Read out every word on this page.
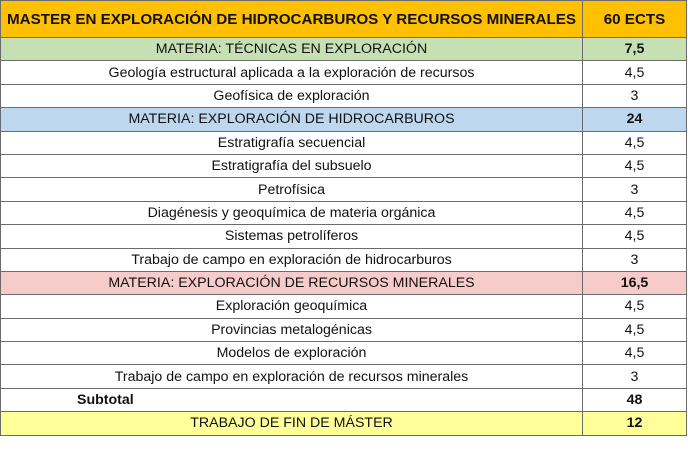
MASTER EN EXPLORACIÓN DE HIDROCARBUROS Y RECURSOS MINERALES	60 ECTS
MATERIA: TÉCNICAS EN EXPLORACIÓN	7,5
Geología estructural aplicada a la exploración de recursos	4,5
Geofísica de exploración	3
MATERIA: EXPLORACIÓN DE HIDROCARBUROS	24
Estratigrafía secuencial	4,5
Estratigrafía del subsuelo	4,5
Petrofísica	3
Diagénesis y geoquímica de materia orgánica	4,5
Sistemas petrolíferos	4,5
Trabajo de campo en exploración de hidrocarburos	3
MATERIA: EXPLORACIÓN DE RECURSOS MINERALES	16,5
Exploración geoquímica	4,5
Provincias metalogénicas	4,5
Modelos de exploración	4,5
Trabajo de campo en exploración de recursos minerales	3
Subtotal	48
TRABAJO DE FIN DE MÁSTER	12
